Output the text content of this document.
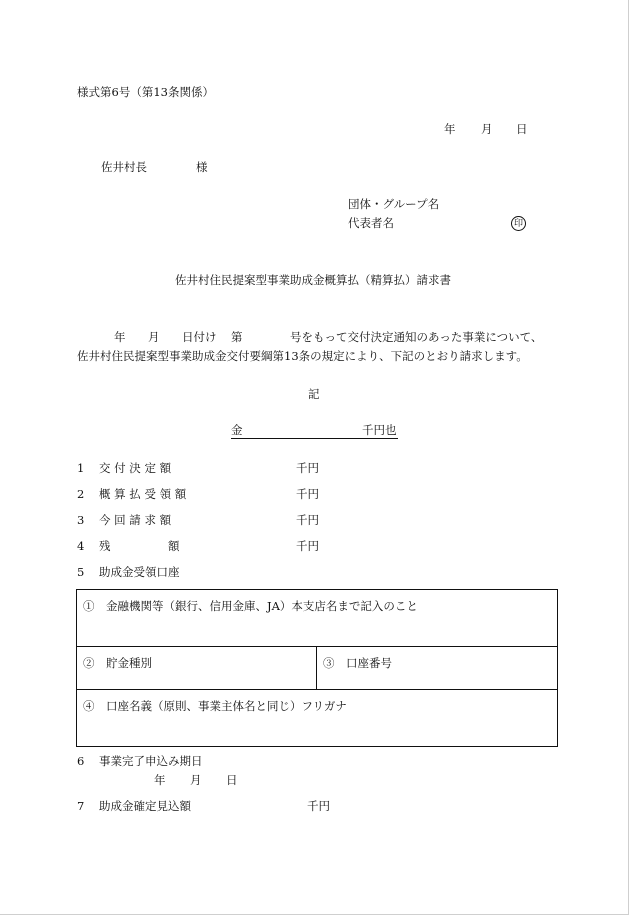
様式第6号（第13条関係）
年 月 日
佐井村長	様
団体・グループ名
代表者名	印
佐井村住民提案型事業助成金概算払（精算払）請求書
年 月 日付け 第	号をもって交付決定通知のあった事業について、
佐井村住民提案型事業助成金交付要綱第13条の規定により、下記のとおり請求します。
記
金	千円也
1 交 付 決 定 額	千円
2 概 算 払 受 領 額	千円
3 今 回 請 求 額	千円
4 残　　　　　額	千円
5 助成金受領口座
①　金融機関等（銀行、信用金庫、JA）本支店名まで記入のこと
②　貯金種別	③　口座番号
④　口座名義（原則、事業主体名と同じ）フリガナ
6 事業完了申込み期日
年 月 日
7 助成金確定見込額	千円
